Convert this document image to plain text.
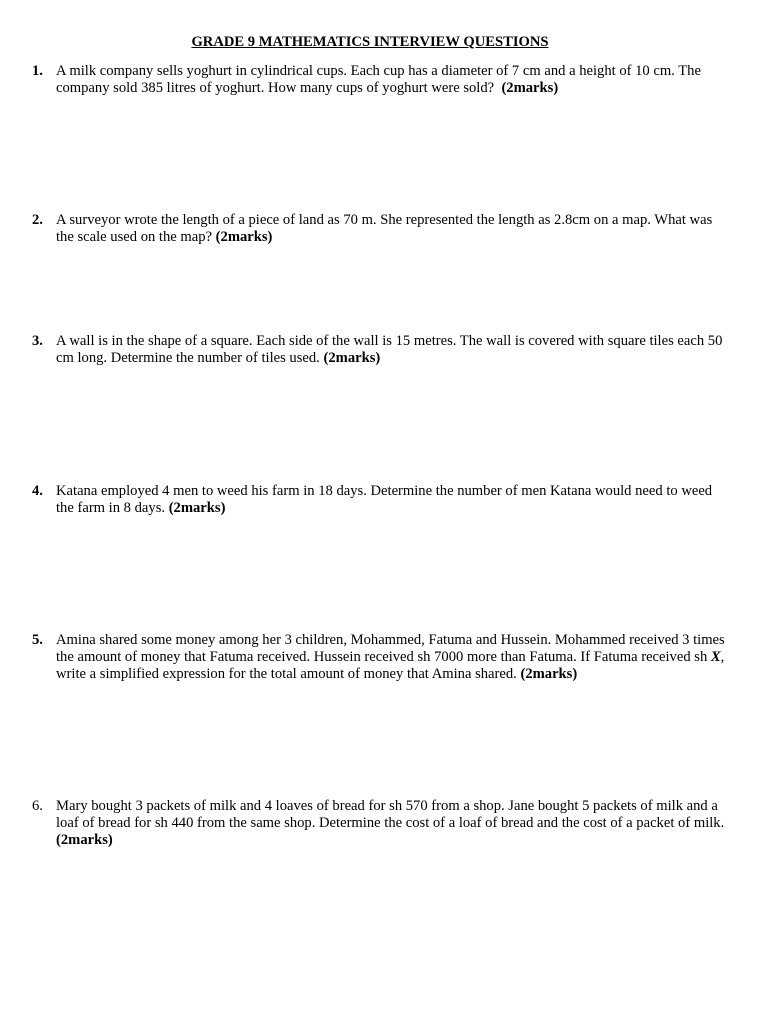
GRADE 9 MATHEMATICS INTERVIEW QUESTIONS
1. A milk company sells yoghurt in cylindrical cups. Each cup has a diameter of 7 cm and a height of 10 cm. The company sold 385 litres of yoghurt. How many cups of yoghurt were sold? (2marks)
2. A surveyor wrote the length of a piece of land as 70 m. She represented the length as 2.8cm on a map. What was the scale used on the map? (2marks)
3. A wall is in the shape of a square. Each side of the wall is 15 metres. The wall is covered with square tiles each 50 cm long. Determine the number of tiles used. (2marks)
4. Katana employed 4 men to weed his farm in 18 days. Determine the number of men Katana would need to weed the farm in 8 days. (2marks)
5. Amina shared some money among her 3 children, Mohammed, Fatuma and Hussein. Mohammed received 3 times the amount of money that Fatuma received. Hussein received sh 7000 more than Fatuma. If Fatuma received sh X, write a simplified expression for the total amount of money that Amina shared. (2marks)
6. Mary bought 3 packets of milk and 4 loaves of bread for sh 570 from a shop. Jane bought 5 packets of milk and a loaf of bread for sh 440 from the same shop. Determine the cost of a loaf of bread and the cost of a packet of milk. (2marks)
